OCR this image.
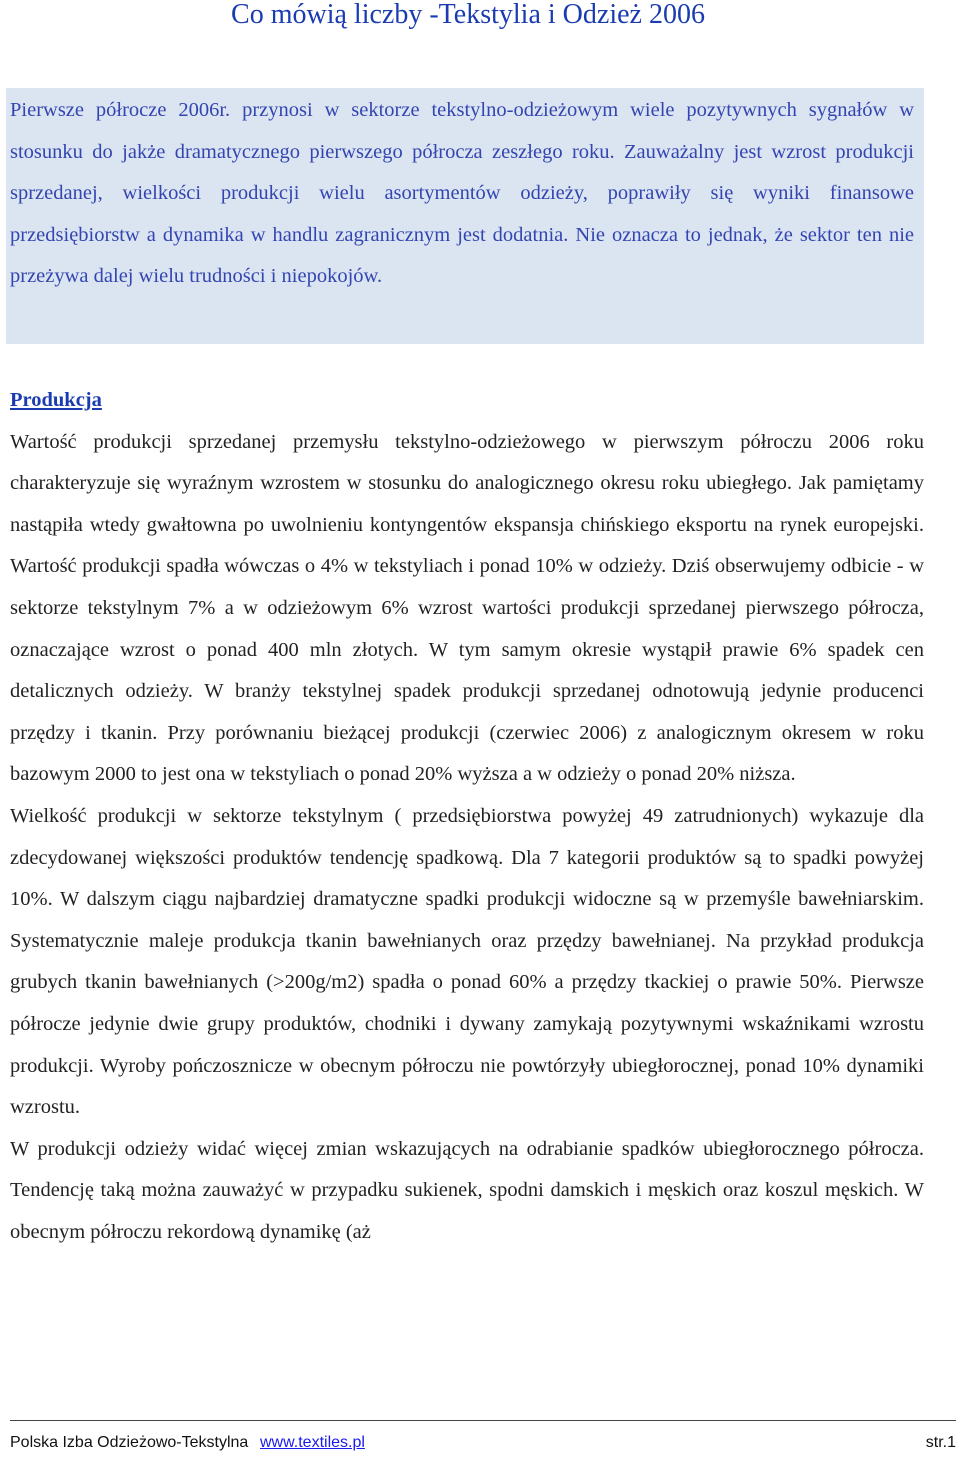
Co mówią liczby -Tekstylia i Odzież 2006

Pierwsze półrocze 2006r. przynosi w sektorze tekstylno-odzieżowym wiele pozytywnych sygnałów w stosunku do jakże dramatycznego pierwszego półrocza zeszłego roku. Zauważalny jest wzrost produkcji sprzedanej, wielkości produkcji wielu asortymentów odzieży, poprawiły się wyniki finansowe przedsiębiorstw a dynamika w handlu zagranicznym jest dodatnia. Nie oznacza to jednak, że sektor ten nie przeżywa dalej wielu trudności i niepokojów.

Produkcja

Wartość produkcji sprzedanej przemysłu tekstylno-odzieżowego w pierwszym półroczu 2006 roku charakteryzuje się wyraźnym wzrostem w stosunku do analogicznego okresu roku ubiegłego. Jak pamiętamy nastąpiła wtedy gwałtowna po uwolnieniu kontyngentów ekspansja chińskiego eksportu na rynek europejski. Wartość produkcji spadła wówczas o 4% w tekstyliach i ponad 10% w odzieży. Dziś obserwujemy odbicie - w sektorze tekstylnym 7% a w odzieżowym 6% wzrost wartości produkcji sprzedanej pierwszego półrocza, oznaczające wzrost o ponad 400 mln złotych. W tym samym okresie wystąpił prawie 6% spadek cen detalicznych odzieży. W branży tekstylnej spadek produkcji sprzedanej odnotowują jedynie producenci przędzy i tkanin. Przy porównaniu bieżącej produkcji (czerwiec 2006) z analogicznym okresem w roku bazowym 2000 to jest ona w tekstyliach o ponad 20% wyższa a w odzieży o ponad 20% niższa.

Wielkość produkcji w sektorze tekstylnym ( przedsiębiorstwa powyżej 49 zatrudnionych) wykazuje dla zdecydowanej większości produktów tendencję spadkową. Dla 7 kategorii produktów są to spadki powyżej 10%. W dalszym ciągu najbardziej dramatyczne spadki produkcji widoczne są w przemyśle bawełniarskim. Systematycznie maleje produkcja tkanin bawełnianych oraz przędzy bawełnianej. Na przykład produkcja grubych tkanin bawełnianych (>200g/m2) spadła o ponad 60% a przędzy tkackiej o prawie 50%. Pierwsze półrocze jedynie dwie grupy produktów, chodniki i dywany zamykają pozytywnymi wskaźnikami wzrostu produkcji. Wyroby pończosznicze w obecnym półroczu nie powtórzyły ubiegłorocznej, ponad 10% dynamiki wzrostu.

W produkcji odzieży widać więcej zmian wskazujących na odrabianie spadków ubiegłorocznego półrocza. Tendencję taką można zauważyć w przypadku sukienek, spodni damskich i męskich oraz koszul męskich. W obecnym półroczu rekordową dynamikę (aż

Polska Izba Odzieżowo-Tekstylna www.textiles.pl	str.1
